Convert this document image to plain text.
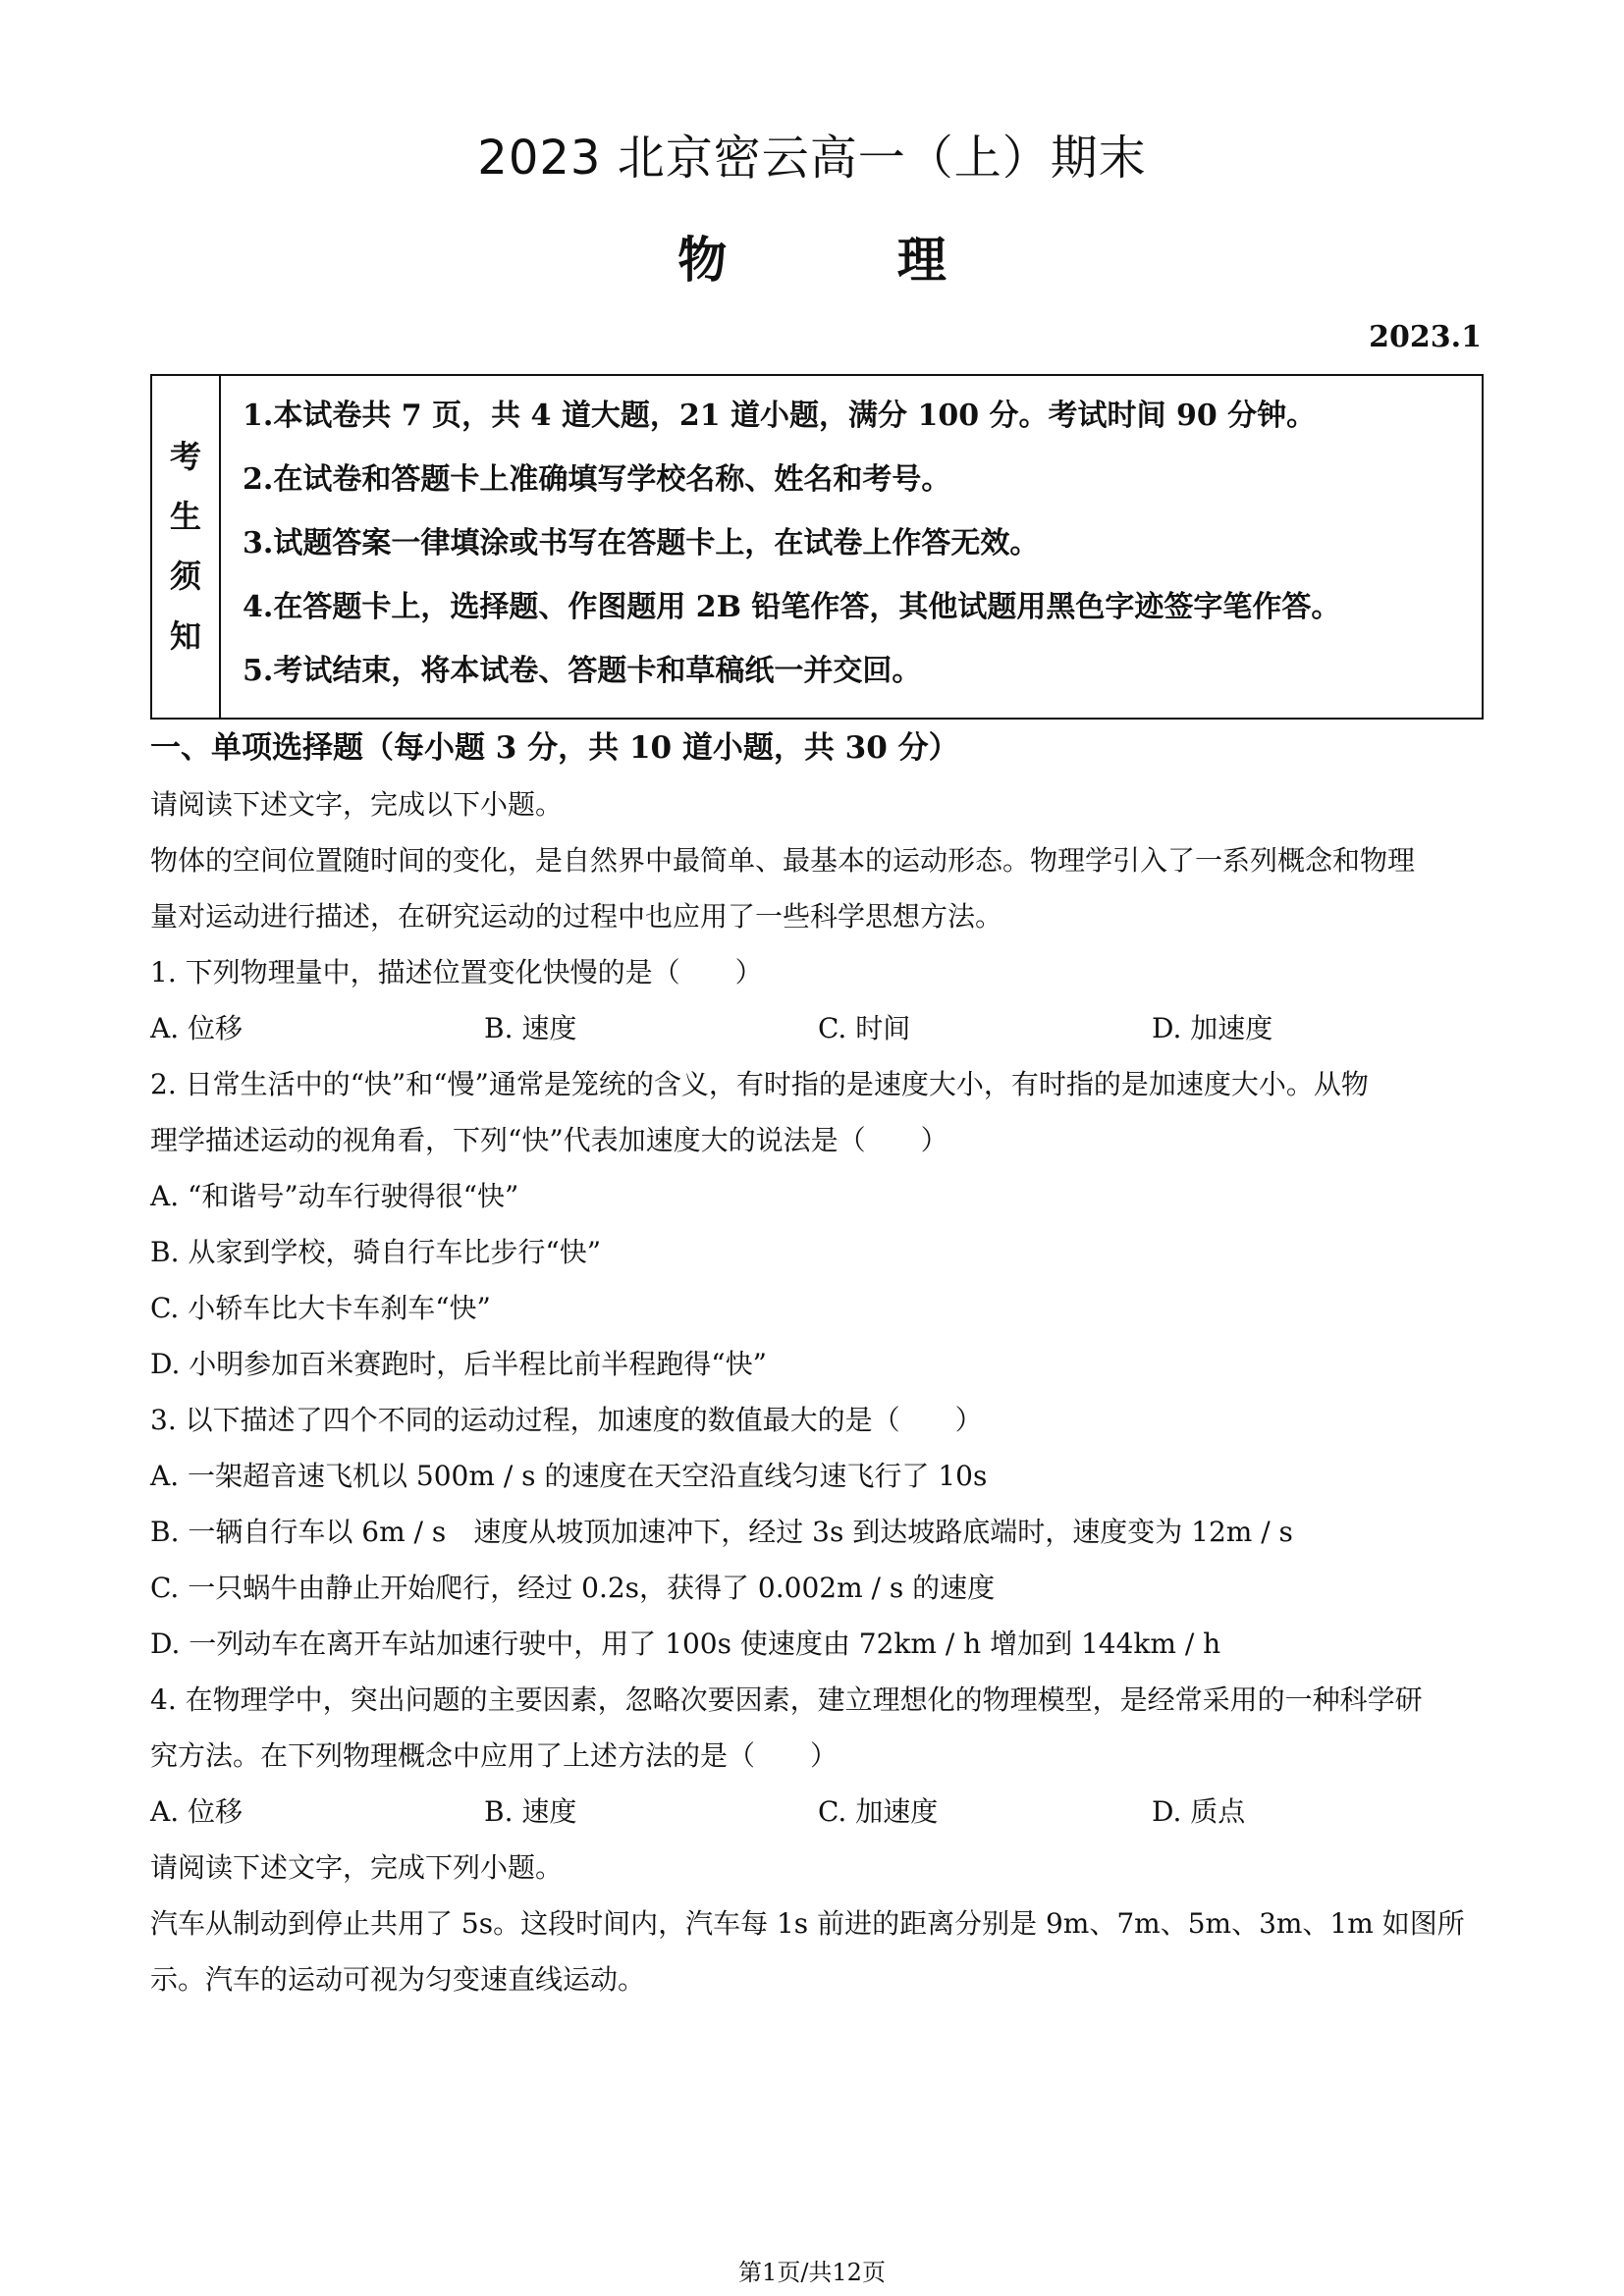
2023 北京密云高一（上）期末
物 理
2023.1
考
生
须
知
1.本试卷共 7 页，共 4 道大题，21 道小题，满分 100 分。考试时间 90 分钟。
2.在试卷和答题卡上准确填写学校名称、姓名和考号。
3.试题答案一律填涂或书写在答题卡上，在试卷上作答无效。
4.在答题卡上，选择题、作图题用 2B 铅笔作答，其他试题用黑色字迹签字笔作答。
5.考试结束，将本试卷、答题卡和草稿纸一并交回。
一、单项选择题（每小题 3 分，共 10 道小题，共 30 分）
请阅读下述文字，完成以下小题。
物体的空间位置随时间的变化，是自然界中最简单、最基本的运动形态。物理学引入了一系列概念和物理
量对运动进行描述，在研究运动的过程中也应用了一些科学思想方法。
1. 下列物理量中，描述位置变化快慢的是（　　）
A. 位移	B. 速度	C. 时间	D. 加速度
2. 日常生活中的“快”和“慢”通常是笼统的含义，有时指的是速度大小，有时指的是加速度大小。从物
理学描述运动的视角看，下列“快”代表加速度大的说法是（　　）
A. “和谐号”动车行驶得很“快”
B. 从家到学校，骑自行车比步行“快”
C. 小轿车比大卡车刹车“快”
D. 小明参加百米赛跑时，后半程比前半程跑得“快”
3. 以下描述了四个不同的运动过程，加速度的数值最大的是（　　）
A. 一架超音速飞机以 500m / s 的速度在天空沿直线匀速飞行了 10s
B. 一辆自行车以 6m / s　速度从坡顶加速冲下，经过 3s 到达坡路底端时，速度变为 12m / s
C. 一只蜗牛由静止开始爬行，经过 0.2s，获得了 0.002m / s 的速度
D. 一列动车在离开车站加速行驶中，用了 100s 使速度由 72km / h 增加到 144km / h
4. 在物理学中，突出问题的主要因素，忽略次要因素，建立理想化的物理模型，是经常采用的一种科学研
究方法。在下列物理概念中应用了上述方法的是（　　）
A. 位移	B. 速度	C. 加速度	D. 质点
请阅读下述文字，完成下列小题。
汽车从制动到停止共用了 5s。这段时间内，汽车每 1s 前进的距离分别是 9m、7m、5m、3m、1m 如图所
示。汽车的运动可视为匀变速直线运动。
第1页/共12页
